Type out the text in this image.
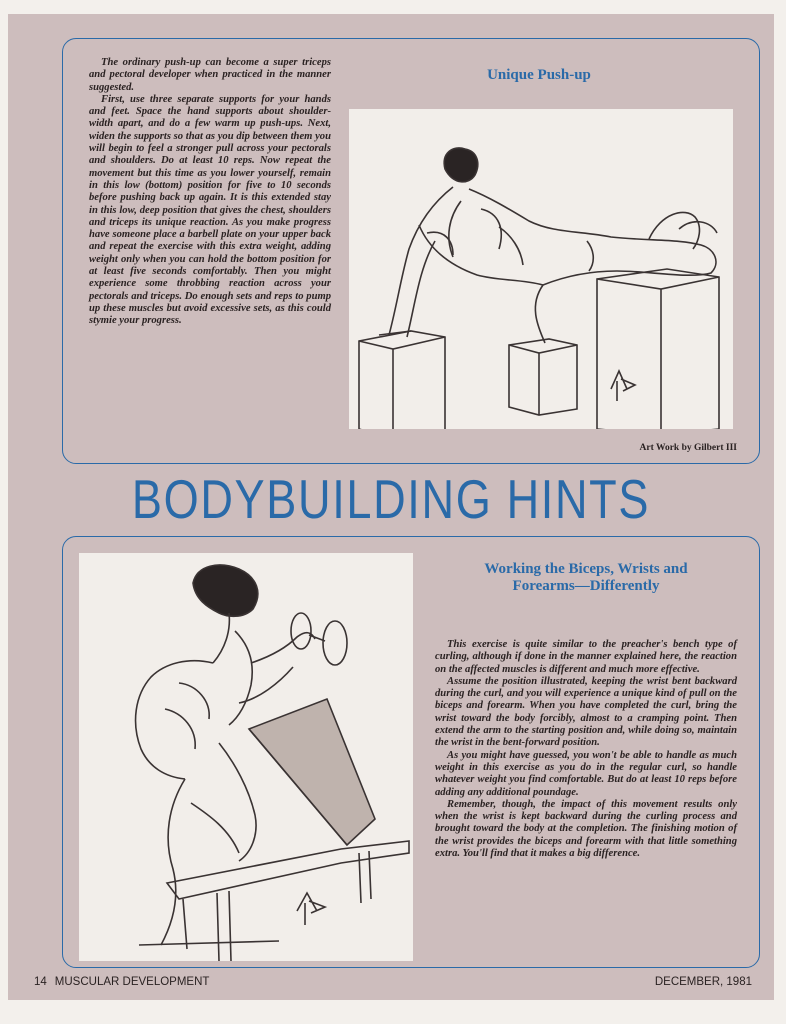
The ordinary push-up can become a super triceps and pectoral developer when practiced in the manner suggested.

First, use three separate supports for your hands and feet. Space the hand supports about shoulder-width apart, and do a few warm up push-ups. Next, widen the supports so that as you dip between them you will begin to feel a stronger pull across your pectorals and shoulders. Do at least 10 reps. Now repeat the movement but this time as you lower yourself, remain in this low (bottom) position for five to 10 seconds before pushing back up again. It is this extended stay in this low, deep position that gives the chest, shoulders and triceps its unique reaction. As you make progress have someone place a barbell plate on your upper back and repeat the exercise with this extra weight, adding weight only when you can hold the bottom position for at least five seconds comfortably. Then you might experience some throbbing reaction across your pectorals and triceps. Do enough sets and reps to pump up these muscles but avoid excessive sets, as this could stymie your progress.

Unique Push-up
Art Work by Gilbert III
BODYBUILDING HINTS
Working the Biceps, Wrists and
Forearms—Differently

This exercise is quite similar to the preacher's bench type of curling, although if done in the manner explained here, the reaction on the affected muscles is different and much more effective.

Assume the position illustrated, keeping the wrist bent backward during the curl, and you will experience a unique kind of pull on the biceps and forearm. When you have completed the curl, bring the wrist toward the body forcibly, almost to a cramping point. Then extend the arm to the starting position and, while doing so, maintain the wrist in the bent-forward position.

As you might have guessed, you won't be able to handle as much weight in this exercise as you do in the regular curl, so handle whatever weight you find comfortable. But do at least 10 reps before adding any additional poundage.

Remember, though, the impact of this movement results only when the wrist is kept backward during the curling process and brought toward the body at the completion. The finishing motion of the wrist provides the biceps and forearm with that little something extra. You'll find that it makes a big difference.

14 MUSCULAR DEVELOPMENT	DECEMBER, 1981
